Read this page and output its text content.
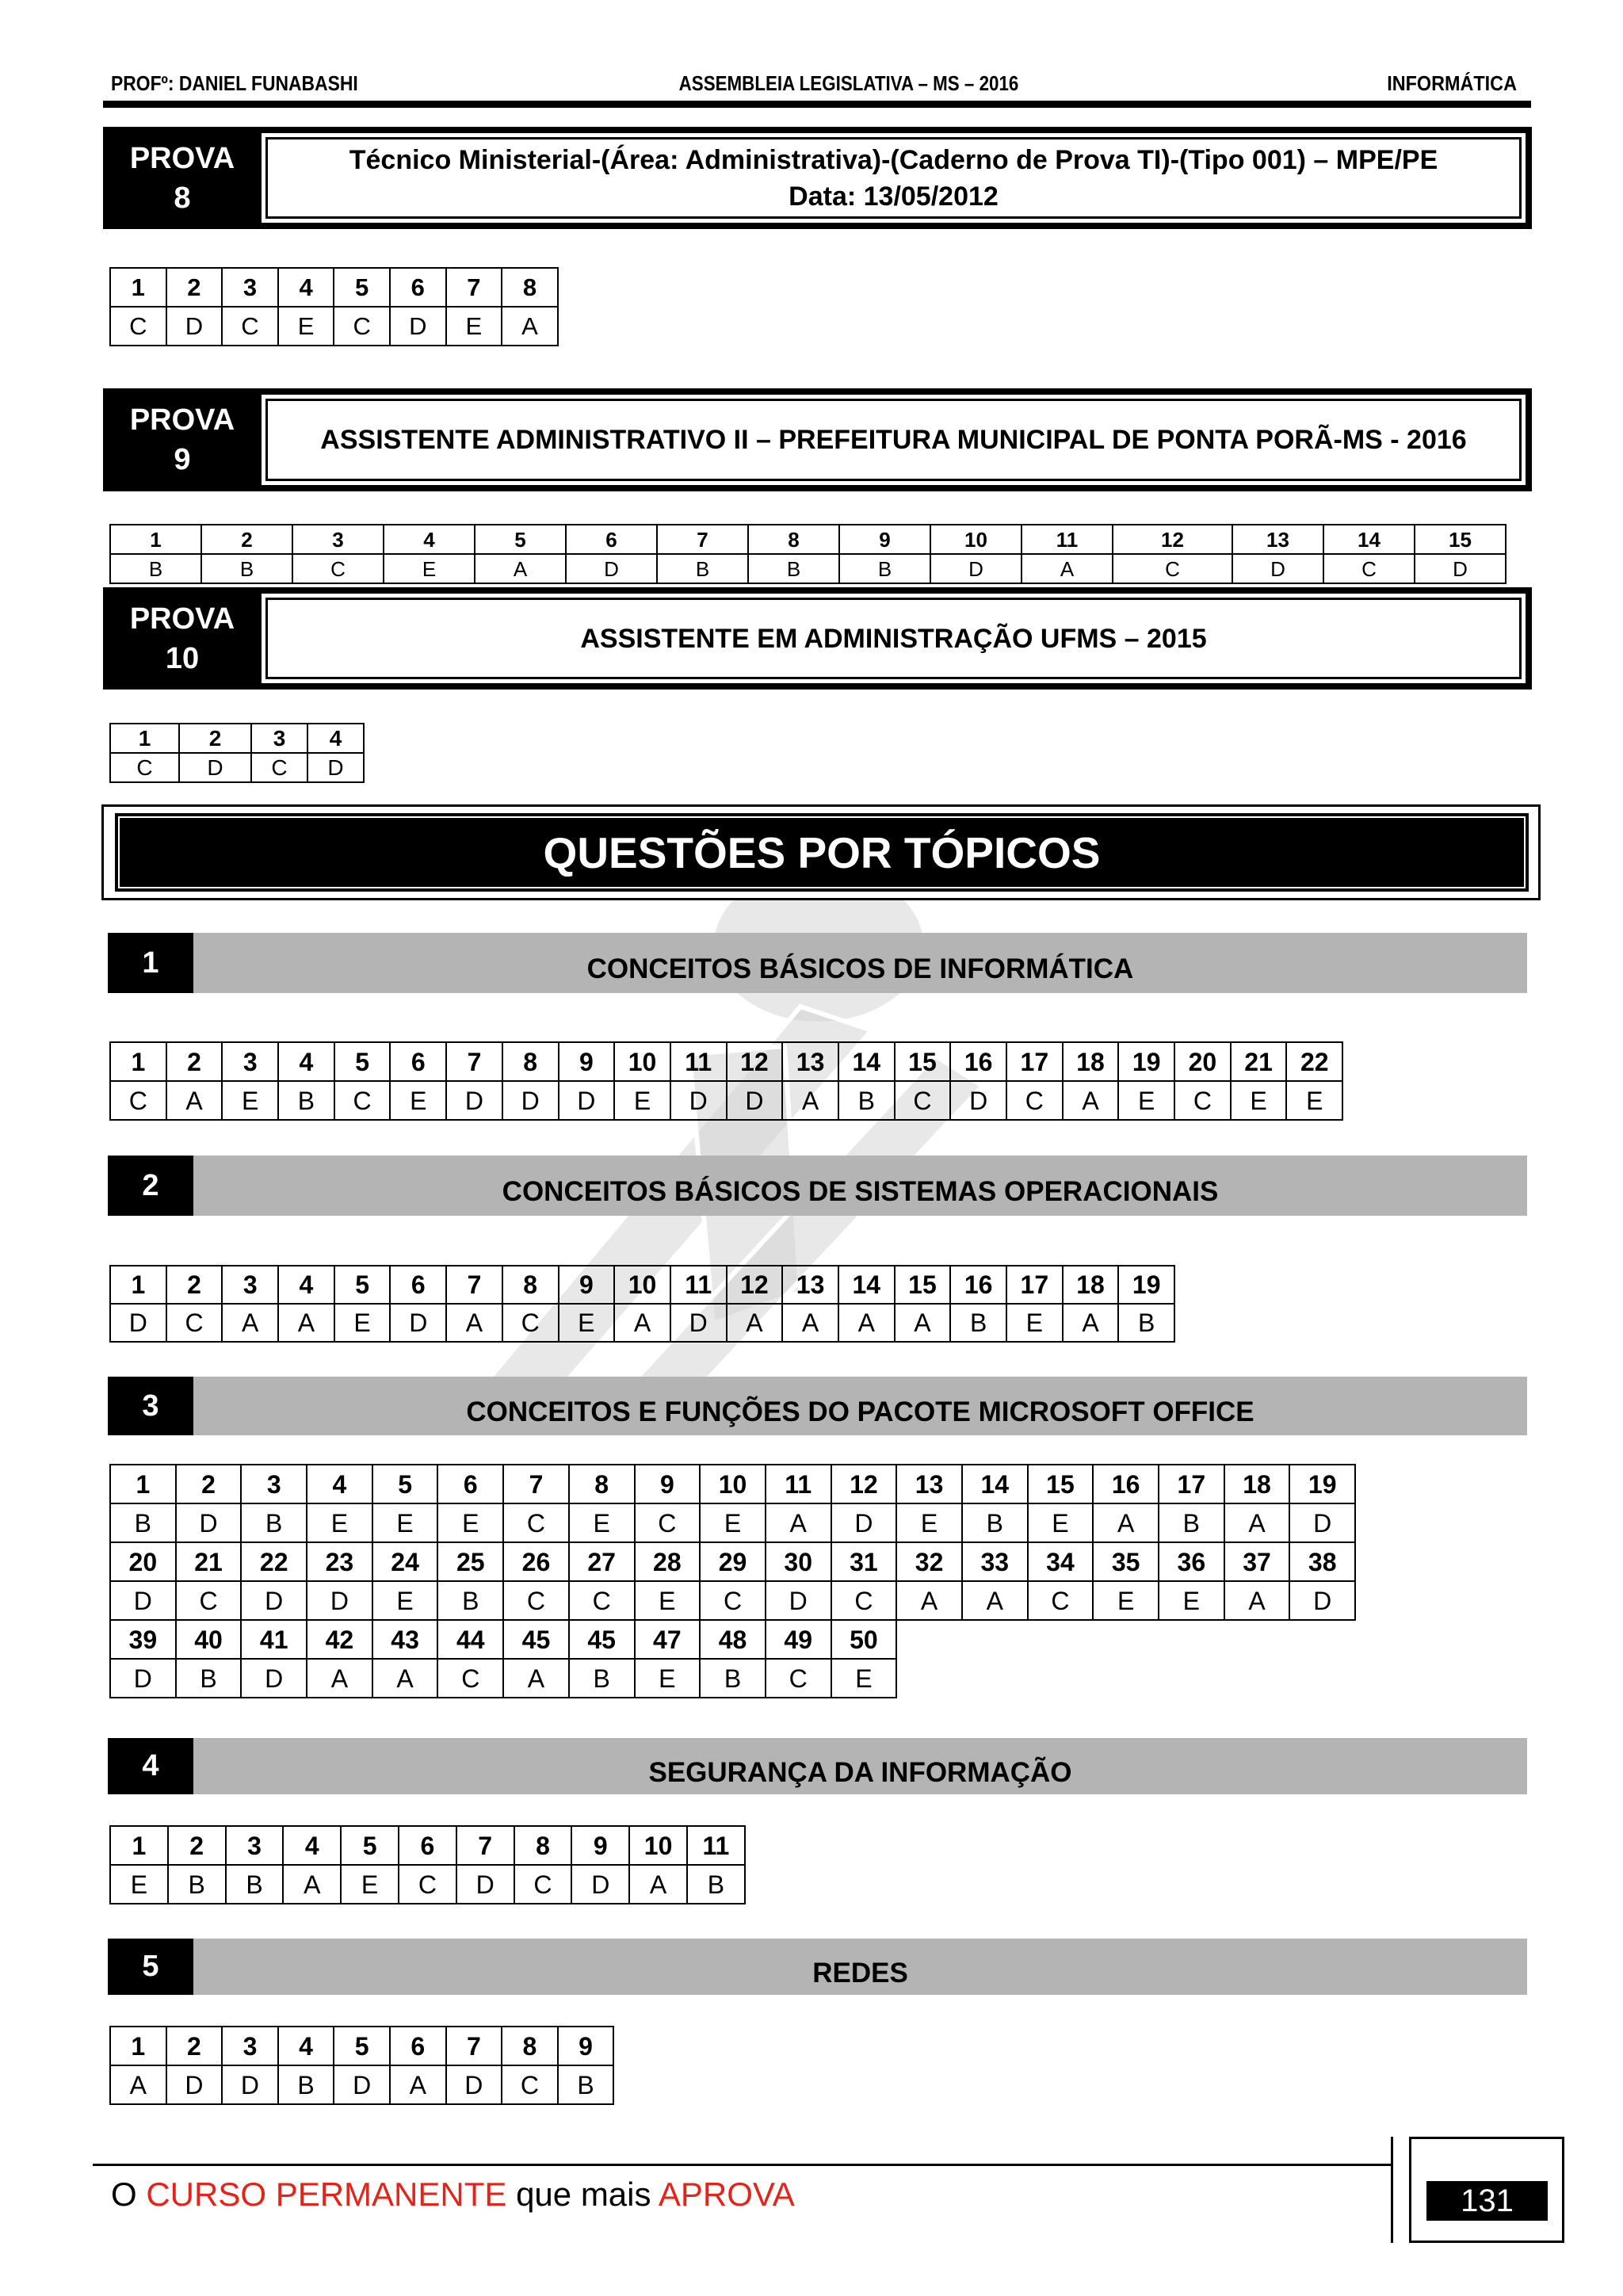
PROFº: DANIEL FUNABASHI	ASSEMBLEIA LEGISLATIVA – MS – 2016	INFORMÁTICA
PROVA
8
Técnico Ministerial-(Área: Administrativa)-(Caderno de Prova TI)-(Tipo 001) – MPE/PE
Data: 13/05/2012
1	2	3	4	5	6	7	8
C	D	C	E	C	D	E	A
PROVA
9
ASSISTENTE ADMINISTRATIVO II – PREFEITURA MUNICIPAL DE PONTA PORÃ-MS - 2016
1	2	3	4	5	6	7	8	9	10	11	12	13	14	15
B	B	C	E	A	D	B	B	B	D	A	C	D	C	D
PROVA
10
ASSISTENTE EM ADMINISTRAÇÃO UFMS – 2015
1	2	3	4
C	D	C	D
QUESTÕES POR TÓPICOS
1	CONCEITOS BÁSICOS DE INFORMÁTICA
1	2	3	4	5	6	7	8	9	10	11	12	13	14	15	16	17	18	19	20	21	22
C	A	E	B	C	E	D	D	D	E	D	D	A	B	C	D	C	A	E	C	E	E
2	CONCEITOS BÁSICOS DE SISTEMAS OPERACIONAIS
1	2	3	4	5	6	7	8	9	10	11	12	13	14	15	16	17	18	19
D	C	A	A	E	D	A	C	E	A	D	A	A	A	A	B	E	A	B
3	CONCEITOS E FUNÇÕES DO PACOTE MICROSOFT OFFICE
1	2	3	4	5	6	7	8	9	10	11	12	13	14	15	16	17	18	19
B	D	B	E	E	E	C	E	C	E	A	D	E	B	E	A	B	A	D
20	21	22	23	24	25	26	27	28	29	30	31	32	33	34	35	36	37	38
D	C	D	D	E	B	C	C	E	C	D	C	A	A	C	E	E	A	D
39	40	41	42	43	44	45	45	47	48	49	50							
D	B	D	A	A	C	A	B	E	B	C	E							
4	SEGURANÇA DA INFORMAÇÃO
1	2	3	4	5	6	7	8	9	10	11
E	B	B	A	E	C	D	C	D	A	B
5	REDES
1	2	3	4	5	6	7	8	9
A	D	D	B	D	A	D	C	B
O CURSO PERMANENTE que mais APROVA	131
